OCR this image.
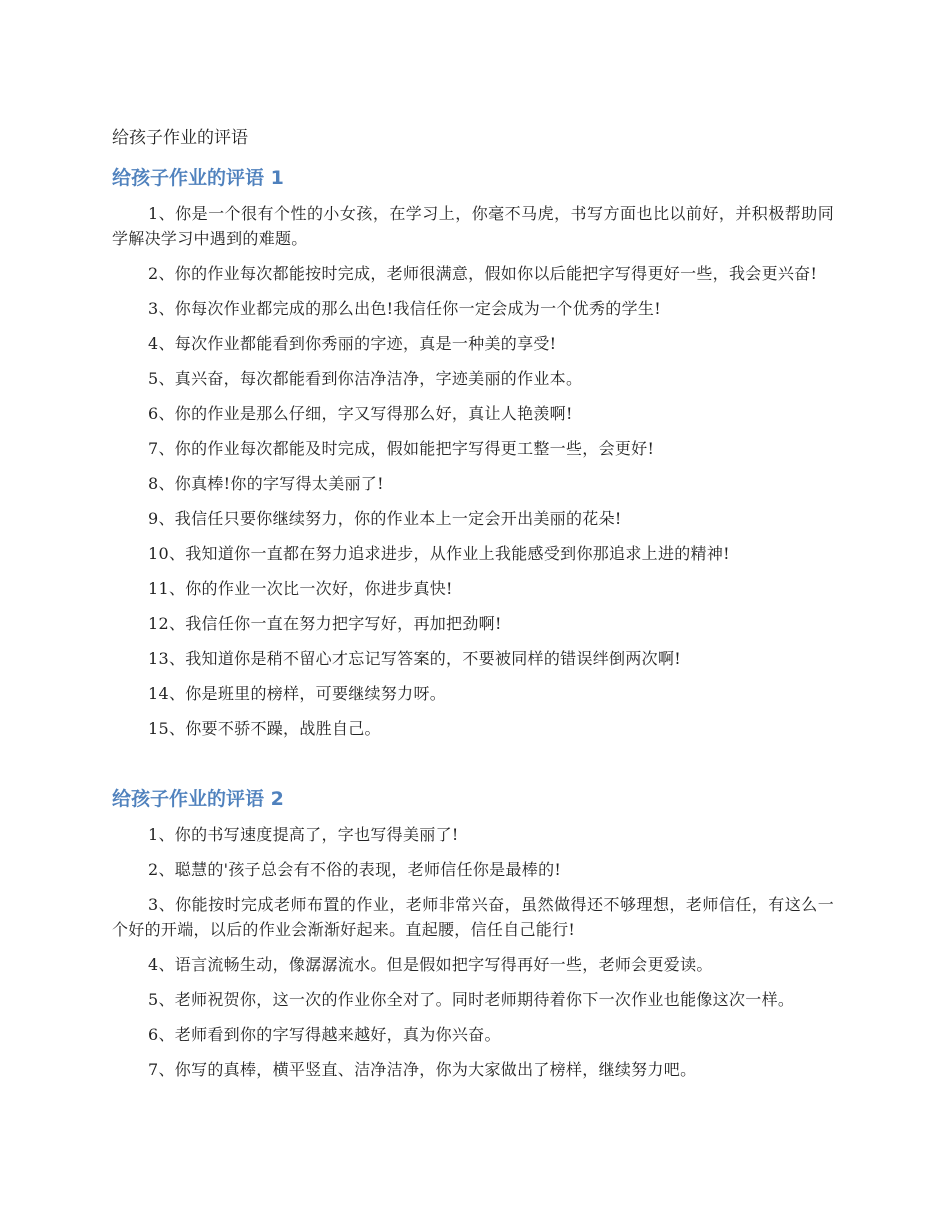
给孩子作业的评语
给孩子作业的评语 1

1、你是一个很有个性的小女孩，在学习上，你毫不马虎，书写方面也比以前好，并积极帮助同学解决学习中遇到的难题。

2、你的作业每次都能按时完成，老师很满意，假如你以后能把字写得更好一些，我会更兴奋!

3、你每次作业都完成的那么出色!我信任你一定会成为一个优秀的学生!

4、每次作业都能看到你秀丽的字迹，真是一种美的享受!

5、真兴奋，每次都能看到你洁净洁净，字迹美丽的作业本。

6、你的作业是那么仔细，字又写得那么好，真让人艳羡啊!

7、你的作业每次都能及时完成，假如能把字写得更工整一些，会更好!

8、你真棒!你的字写得太美丽了!

9、我信任只要你继续努力，你的作业本上一定会开出美丽的花朵!

10、我知道你一直都在努力追求进步，从作业上我能感受到你那追求上进的精神!

11、你的作业一次比一次好，你进步真快!

12、我信任你一直在努力把字写好，再加把劲啊!

13、我知道你是稍不留心才忘记写答案的，不要被同样的错误绊倒两次啊!

14、你是班里的榜样，可要继续努力呀。

15、你要不骄不躁，战胜自己。

给孩子作业的评语 2

1、你的书写速度提高了，字也写得美丽了!

2、聪慧的'孩子总会有不俗的表现，老师信任你是最棒的!

3、你能按时完成老师布置的作业，老师非常兴奋，虽然做得还不够理想，老师信任，有这么一个好的开端，以后的作业会渐渐好起来。直起腰，信任自己能行!

4、语言流畅生动，像潺潺流水。但是假如把字写得再好一些，老师会更爱读。

5、老师祝贺你，这一次的作业你全对了。同时老师期待着你下一次作业也能像这次一样。

6、老师看到你的字写得越来越好，真为你兴奋。

7、你写的真棒，横平竖直、洁净洁净，你为大家做出了榜样，继续努力吧。
